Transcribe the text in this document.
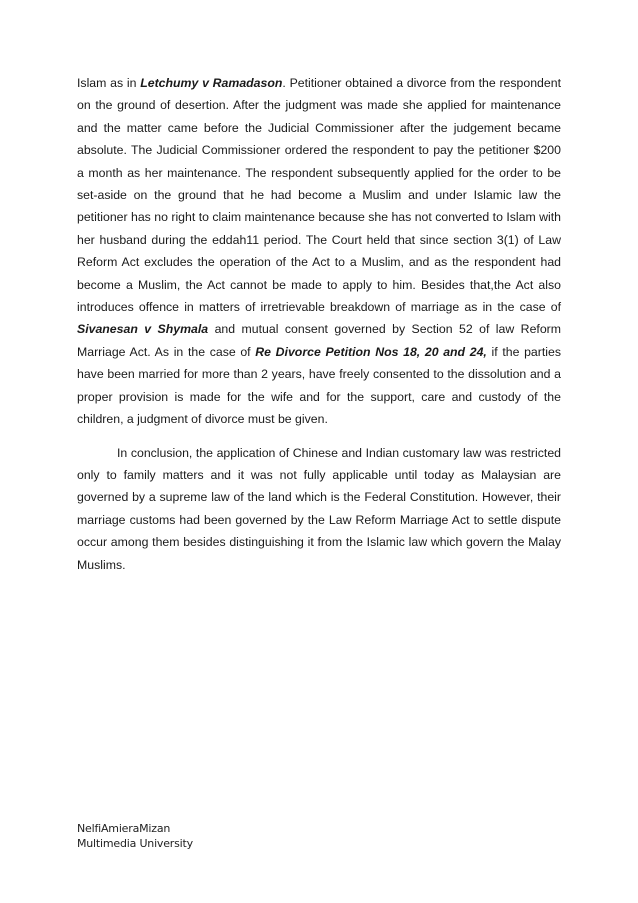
Islam as in Letchumy v Ramadason. Petitioner obtained a divorce from the respondent on the ground of desertion. After the judgment was made she applied for maintenance and the matter came before the Judicial Commissioner after the judgement became absolute. The Judicial Commissioner ordered the respondent to pay the petitioner $200 a month as her maintenance. The respondent subsequently applied for the order to be set-aside on the ground that he had become a Muslim and under Islamic law the petitioner has no right to claim maintenance because she has not converted to Islam with her husband during the eddah11 period. The Court held that since section 3(1) of Law Reform Act excludes the operation of the Act to a Muslim, and as the respondent had become a Muslim, the Act cannot be made to apply to him. Besides that,the Act also introduces offence in matters of irretrievable breakdown of marriage as in the case of Sivanesan v Shymala and mutual consent governed by Section 52 of law Reform Marriage Act. As in the case of Re Divorce Petition Nos 18, 20 and 24, if the parties have been married for more than 2 years, have freely consented to the dissolution and a proper provision is made for the wife and for the support, care and custody of the children, a judgment of divorce must be given.

In conclusion, the application of Chinese and Indian customary law was restricted only to family matters and it was not fully applicable until today as Malaysian are governed by a supreme law of the land which is the Federal Constitution. However, their marriage customs had been governed by the Law Reform Marriage Act to settle dispute occur among them besides distinguishing it from the Islamic law which govern the Malay Muslims.

NelfiAmieraMizan
Multimedia University
